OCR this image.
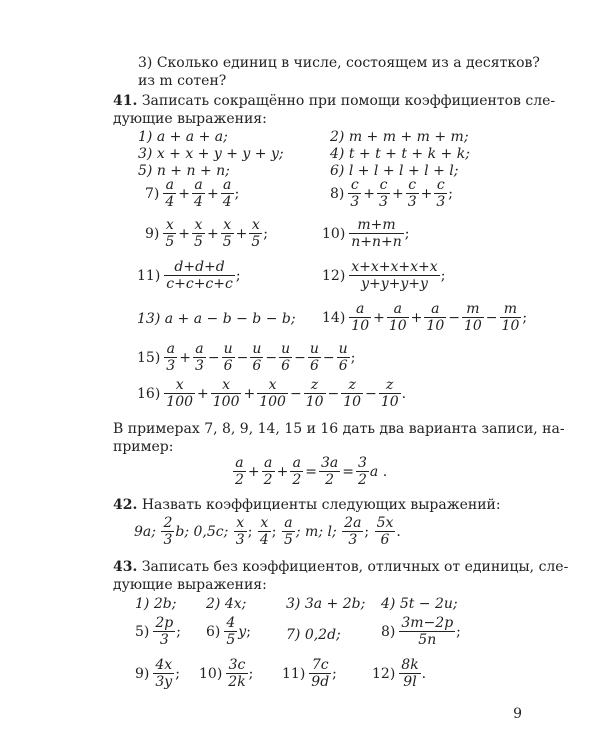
3) Сколько единиц в числе, состоящем из a десятков?
из m сотен?
41. Записать сокращённо при помощи коэффициентов сле-
дующие выражения:
1) a + a + a;	2) m + m + m + m;
3) x + x + y + y + y;	4) t + t + t + k + k;
5) n + n + n;	6) l + l + l + l + l;
$7) \frac{a}{4} + \frac{a}{4} + \frac{a}{4}$ ;	$8) \frac{c}{3} + \frac{c}{3} + \frac{c}{3} + \frac{c}{3}$ ;
$9) \frac{x}{5} + \frac{x}{5} + \frac{x}{5} + \frac{x}{5}$ ;	$10) \frac{m+m}{n+n+n}$ ;
$11) \frac{d+d+d}{c+c+c+c}$ ;	$12) \frac{x+x+x+x+x}{y+y+y+y}$ ;
13) a + a − b − b − b; $14) \frac{a}{10} + \frac{a}{10} + \frac{a}{10} - \frac{m}{10} - \frac{m}{10}$ ;
$15) \frac{a}{3} + \frac{a}{3} - \frac{u}{6} - \frac{u}{6} - \frac{u}{6} - \frac{u}{6} - \frac{u}{6}$ ;
$16) \frac{x}{100} + \frac{x}{100} + \frac{x}{100} - \frac{z}{10} - \frac{z}{10} - \frac{z}{10}$ .
В примерах 7, 8, 9, 14, 15 и 16 дать два варианта записи, на-
пример:
$\frac{a}{2} + \frac{a}{2} + \frac{a}{2} = \frac{3a}{2} = \frac{3}{2}$ a
.
42. Назвать коэффициенты следующих выражений:
9a;
$\frac{2}{3}$ b ; 0,5c;
$\frac{x}{3}$ ;
$\frac{x}{4}$ ;
$\frac{a}{5}$ ; m; l;
$\frac{2a}{3}$ ;
$\frac{5x}{6}$ .
43. Записать без коэффициентов, отличных от единицы, сле-
дующие выражения:
1) 2b; 2) 4x;	3) 3a + 2b; 4) 5t − 2u;
$5) \frac{2p}{3}$ ; $6) \frac{4}{5}$ y ;	7) 0,2d;	$8) \frac{3m-2p}{5n}$ ;
$9) \frac{4x}{3y}$ ; $10) \frac{3c}{2k}$ ; $11) \frac{7c}{9d}$ ;	$12) \frac{8k}{9l}$ .
9
